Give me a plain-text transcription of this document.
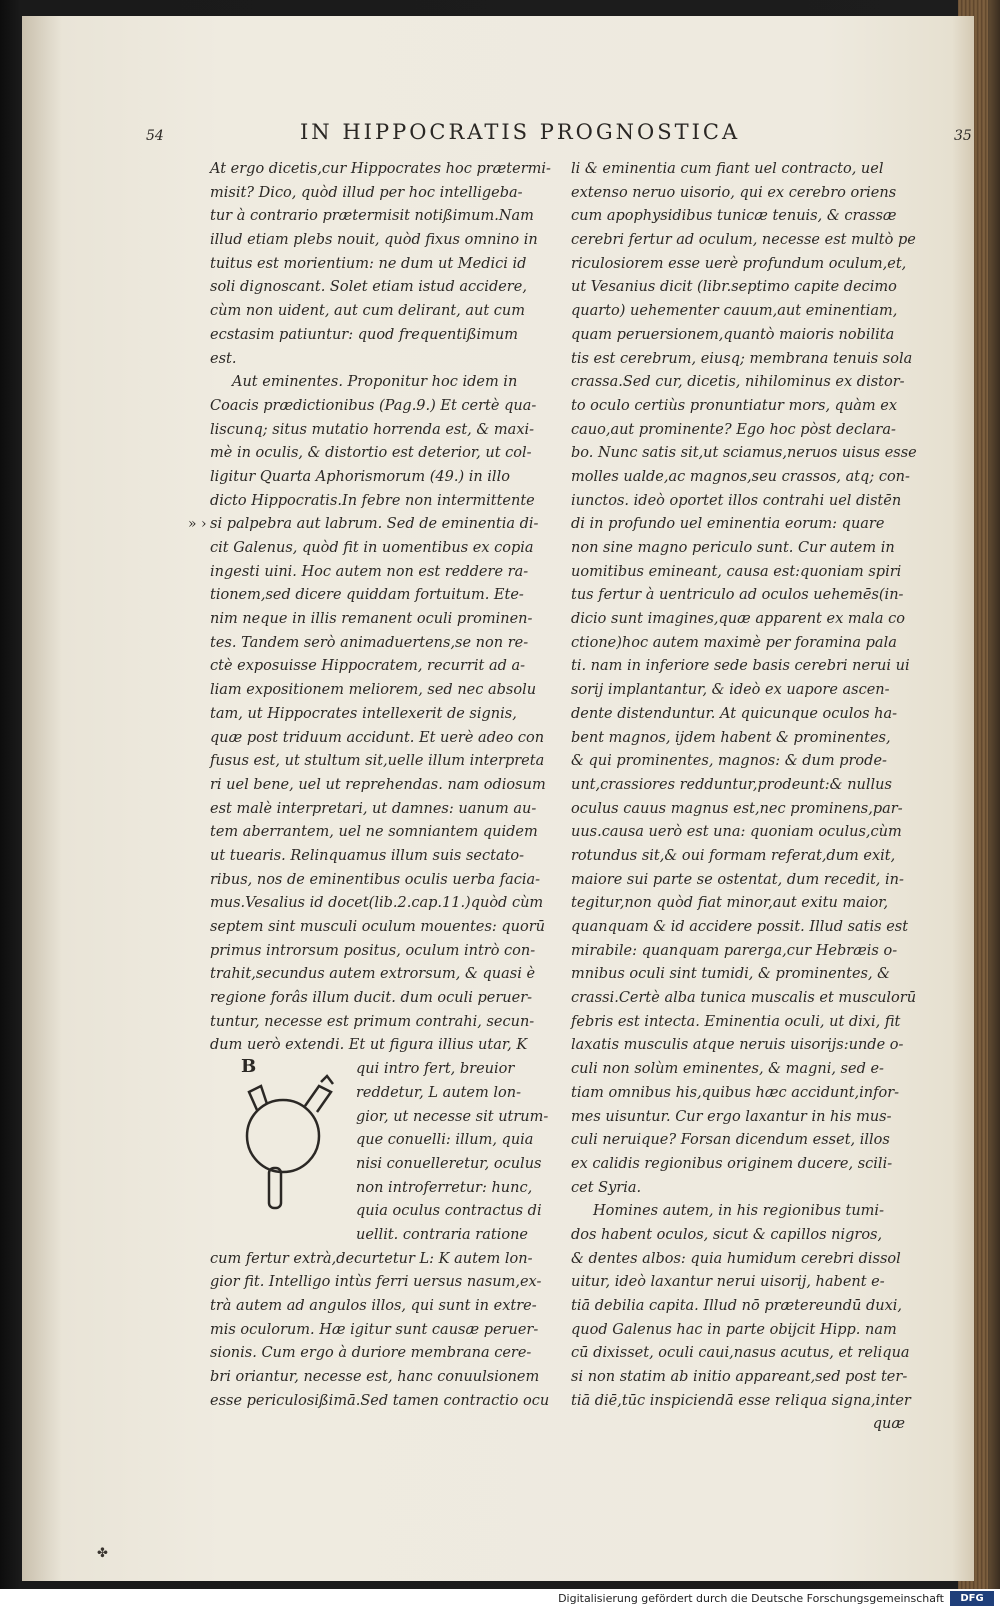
54	IN HIPPOCRATIS PROGNOSTICA	35
» ›
At ergo dicetis,cur Hippocrates hoc prætermi-
misit? Dico, quòd illud per hoc intelligeba-
tur à contrario prætermisit notißimum.Nam
illud etiam plebs nouit, quòd fixus omnino in
tuitus est morientium: ne dum ut Medici id
soli dignoscant. Solet etiam istud accidere,
cùm non uident, aut cum delirant, aut cum
ecstasim patiuntur: quod frequentißimum
est.
Aut eminentes. Proponitur hoc idem in
Coacis prædictionibus (Pag.9.) Et certè qua-
liscunq; situs mutatio horrenda est, & maxi-
mè in oculis, & distortio est deterior, ut col-
ligitur Quarta Aphorismorum (49.) in illo
dicto Hippocratis.In febre non intermittente
si palpebra aut labrum. Sed de eminentia di-
cit Galenus, quòd fit in uomentibus ex copia
ingesti uini. Hoc autem non est reddere ra-
tionem,sed dicere quiddam fortuitum. Ete-
nim neque in illis remanent oculi prominen-
tes. Tandem serò animaduertens,se non re-
ctè exposuisse Hippocratem, recurrit ad a-
liam expositionem meliorem, sed nec absolu
tam, ut Hippocrates intellexerit de signis,
quæ post triduum accidunt. Et uerè adeo con
fusus est, ut stultum sit,uelle illum interpreta
ri uel bene, uel ut reprehendas. nam odiosum
est malè interpretari, ut damnes: uanum au-
tem aberrantem, uel ne somniantem quidem
ut tuearis. Relinquamus illum suis sectato-
ribus, nos de eminentibus oculis uerba facia-
mus.Vesalius id docet(lib.2.cap.11.)quòd cùm
septem sint musculi oculum mouentes: quorū
primus introrsum positus, oculum intrò con-
trahit,secundus autem extrorsum, & quasi è
regione forâs illum ducit. dum oculi peruer-
tuntur, necesse est primum contrahi, secun-
dum uerò extendi. Et ut figura illius utar, K
qui intro fert, breuior
reddetur, L autem lon-
gior, ut necesse sit utrum-
que conuelli: illum, quia
nisi conuelleretur, oculus
non introferretur: hunc,
quia oculus contractus di
uellit. contraria ratione
cum fertur extrà,decurtetur L: K autem lon-
gior fit. Intelligo intùs ferri uersus nasum,ex-
trà autem ad angulos illos, qui sunt in extre-
mis oculorum. Hæ igitur sunt causæ peruer-
sionis. Cum ergo à duriore membrana cere-
bri oriantur, necesse est, hanc conuulsionem
esse periculosißimā.Sed tamen contractio ocu
li & eminentia cum fiant uel contracto, uel
extenso neruo uisorio, qui ex cerebro oriens
cum apophysidibus tunicæ tenuis, & crassæ
cerebri fertur ad oculum, necesse est multò pe
riculosiorem esse uerè profundum oculum,et,
ut Vesanius dicit (libr.septimo capite decimo
quarto) uehementer cauum,aut eminentiam,
quam peruersionem,quantò maioris nobilita
tis est cerebrum, eiusq; membrana tenuis sola
crassa.Sed cur, dicetis, nihilominus ex distor-
to oculo certiùs pronuntiatur mors, quàm ex
cauo,aut prominente? Ego hoc pòst declara-
bo. Nunc satis sit,ut sciamus,neruos uisus esse
molles ualde,ac magnos,seu crassos, atq; con-
iunctos. ideò oportet illos contrahi uel distēn
di in profundo uel eminentia eorum: quare
non sine magno periculo sunt. Cur autem in
uomitibus emineant, causa est:quoniam spiri
tus fertur à uentriculo ad oculos uehemēs(in-
dicio sunt imagines,quæ apparent ex mala co
ctione)hoc autem maximè per foramina pala
ti. nam in inferiore sede basis cerebri nerui ui
sorij implantantur, & ideò ex uapore ascen-
dente distenduntur. At quicunque oculos ha-
bent magnos, ijdem habent & prominentes,
& qui prominentes, magnos: & dum prode-
unt,crassiores redduntur,prodeunt:& nullus
oculus cauus magnus est,nec prominens,par-
uus.causa uerò est una: quoniam oculus,cùm
rotundus sit,& oui formam referat,dum exit,
maiore sui parte se ostentat, dum recedit, in-
tegitur,non quòd fiat minor,aut exitu maior,
quanquam & id accidere possit. Illud satis est
mirabile: quanquam parerga,cur Hebræis o-
mnibus oculi sint tumidi, & prominentes, &
crassi.Certè alba tunica muscalis et musculorū
febris est intecta. Eminentia oculi, ut dixi, fit
laxatis musculis atque neruis uisorijs:unde o-
culi non solùm eminentes, & magni, sed e-
tiam omnibus his,quibus hæc accidunt,infor-
mes uisuntur. Cur ergo laxantur in his mus-
culi neruique? Forsan dicendum esset, illos
ex calidis regionibus originem ducere, scili-
cet Syria.
Homines autem, in his regionibus tumi-
dos habent oculos, sicut & capillos nigros,
& dentes albos: quia humidum cerebri dissol
uitur, ideò laxantur nerui uisorij, habent e-
tiā debilia capita. Illud nō prætereundū duxi,
quod Galenus hac in parte obijcit Hipp. nam
cū dixisset, oculi caui,nasus acutus, et reliqua
si non statim ab initio appareant,sed post ter-
tiā diē,tūc inspiciendā esse reliqua signa,inter
quæ
B
✤
Digitalisierung gefördert durch die Deutsche Forschungsgemeinschaft	DFG
